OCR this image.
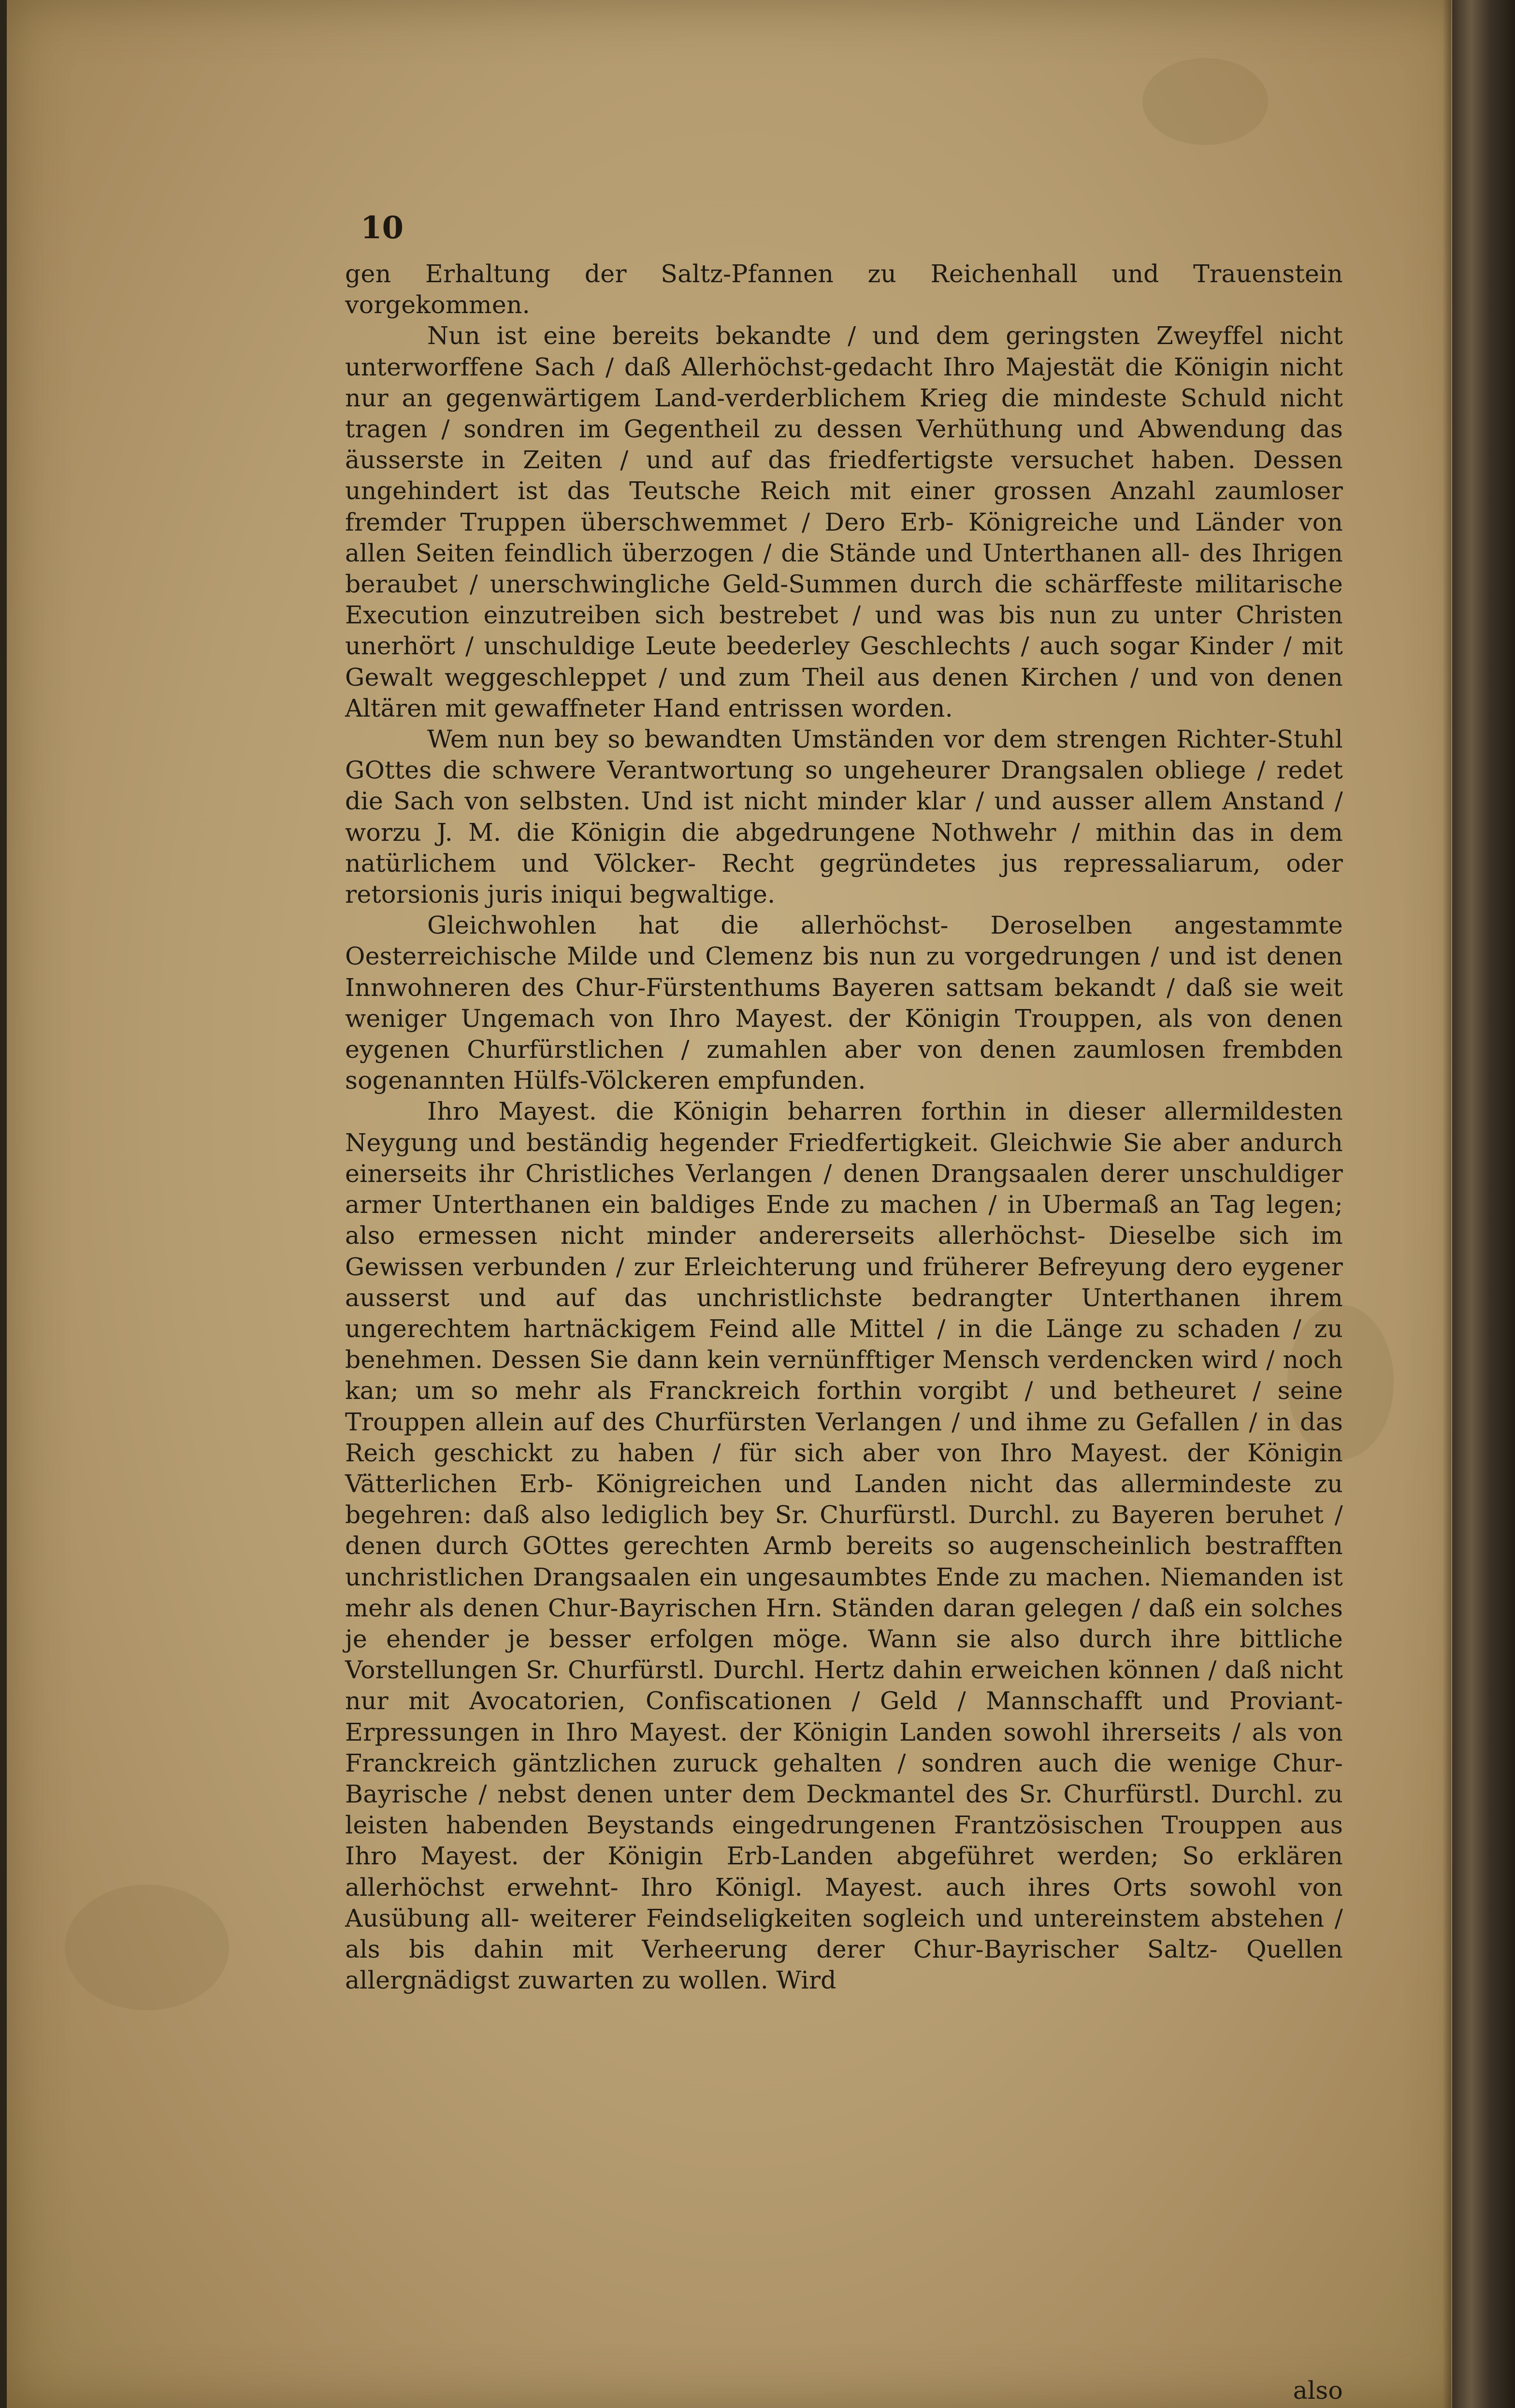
10

gen Erhaltung der Saltz-Pfannen zu Reichenhall und Trauenstein vorgekommen.

Nun ist eine bereits bekandte / und dem geringsten Zweyffel nicht unterworffene Sach / daß Allerhöchst-gedacht Ihro Majestät die Königin nicht nur an gegenwärtigem Land-verderblichem Krieg die mindeste Schuld nicht tragen / sondren im Gegentheil zu dessen Verhüthung und Abwendung das äusserste in Zeiten / und auf das friedfertigste versuchet haben. Dessen ungehindert ist das Teutsche Reich mit einer grossen Anzahl zaumloser fremder Truppen überschwemmet / Dero Erb- Königreiche und Länder von allen Seiten feindlich überzogen / die Stände und Unterthanen all- des Ihrigen beraubet / unerschwingliche Geld-Summen durch die schärffeste militarische Execution einzutreiben sich bestrebet / und was bis nun zu unter Christen unerhört / unschuldige Leute beederley Geschlechts / auch sogar Kinder / mit Gewalt weggeschleppet / und zum Theil aus denen Kirchen / und von denen Altären mit gewaffneter Hand entrissen worden.

Wem nun bey so bewandten Umständen vor dem strengen Richter-Stuhl GOttes die schwere Verantwortung so ungeheurer Drangsalen obliege / redet die Sach von selbsten. Und ist nicht minder klar / und ausser allem Anstand / worzu J. M. die Königin die abgedrungene Nothwehr / mithin das in dem natürlichem und Völcker- Recht gegründetes jus repressaliarum, oder retorsionis juris iniqui begwaltige.

Gleichwohlen hat die allerhöchst- Deroselben angestammte Oesterreichische Milde und Clemenz bis nun zu vorgedrungen / und ist denen Innwohneren des Chur-Fürstenthums Bayeren sattsam bekandt / daß sie weit weniger Ungemach von Ihro Mayest. der Königin Trouppen, als von denen eygenen Churfürstlichen / zumahlen aber von denen zaumlosen frembden sogenannten Hülfs-Völckeren empfunden.

Ihro Mayest. die Königin beharren forthin in dieser allermildesten Neygung und beständig hegender Friedfertigkeit. Gleichwie Sie aber andurch einerseits ihr Christliches Verlangen / denen Drangsaalen derer unschuldiger armer Unterthanen ein baldiges Ende zu machen / in Ubermaß an Tag legen; also ermessen nicht minder andererseits allerhöchst- Dieselbe sich im Gewissen verbunden / zur Erleichterung und früherer Befreyung dero eygener ausserst und auf das unchristlichste bedrangter Unterthanen ihrem ungerechtem hartnäckigem Feind alle Mittel / in die Länge zu schaden / zu benehmen. Dessen Sie dann kein vernünfftiger Mensch verdencken wird / noch kan; um so mehr als Franckreich forthin vorgibt / und betheuret / seine Trouppen allein auf des Churfürsten Verlangen / und ihme zu Gefallen / in das Reich geschickt zu haben / für sich aber von Ihro Mayest. der Königin Vätterlichen Erb- Königreichen und Landen nicht das allermindeste zu begehren: daß also lediglich bey Sr. Churfürstl. Durchl. zu Bayeren beruhet / denen durch GOttes gerechten Armb bereits so augenscheinlich bestrafften unchristlichen Drangsaalen ein ungesaumbtes Ende zu machen. Niemanden ist mehr als denen Chur-Bayrischen Hrn. Ständen daran gelegen / daß ein solches je ehender je besser erfolgen möge. Wann sie also durch ihre bittliche Vorstellungen Sr. Churfürstl. Durchl. Hertz dahin erweichen können / daß nicht nur mit Avocatorien, Confiscationen / Geld / Mannschafft und Proviant- Erpressungen in Ihro Mayest. der Königin Landen sowohl ihrerseits / als von Franckreich gäntzlichen zuruck gehalten / sondren auch die wenige Chur-Bayrische / nebst denen unter dem Deckmantel des Sr. Churfürstl. Durchl. zu leisten habenden Beystands eingedrungenen Frantzösischen Trouppen aus Ihro Mayest. der Königin Erb-Landen abgeführet werden; So erklären allerhöchst erwehnt- Ihro Königl. Mayest. auch ihres Orts sowohl von Ausübung all- weiterer Feindseligkeiten sogleich und untereinstem abstehen / als bis dahin mit Verheerung derer Chur-Bayrischer Saltz- Quellen allergnädigst zuwarten zu wollen. Wird

also
